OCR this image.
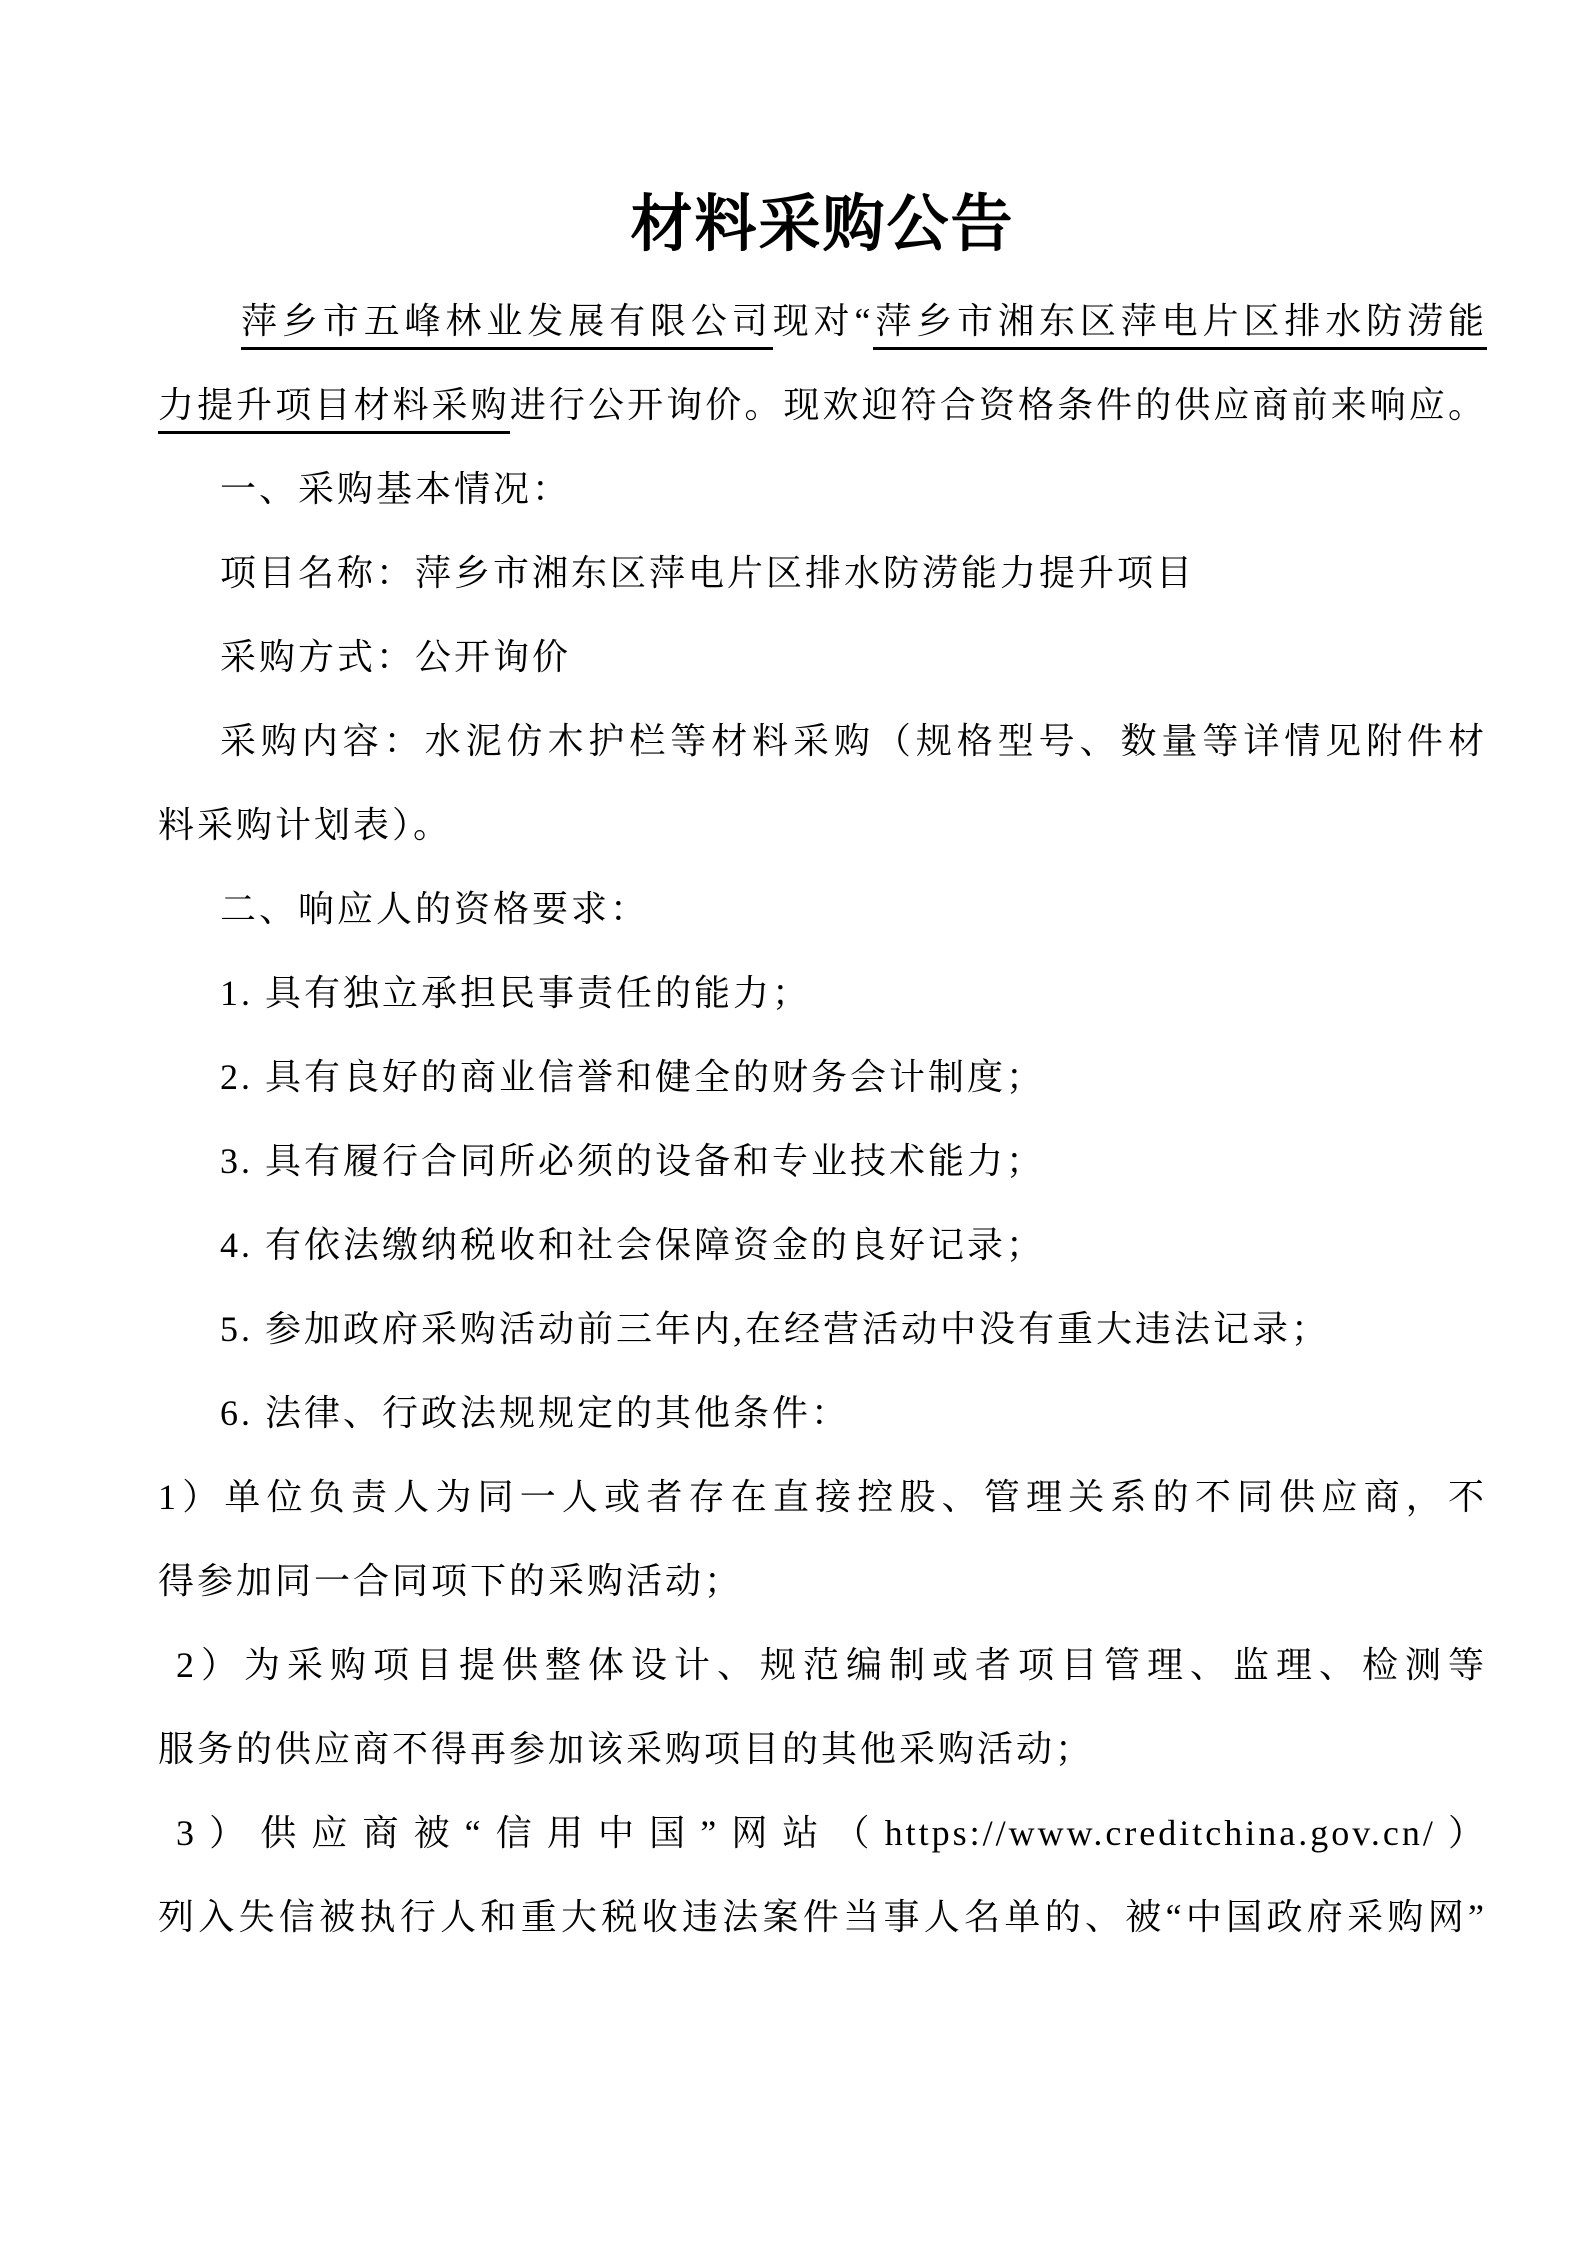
材料采购公告

萍乡市五峰林业发展有限公司现对“萍乡市湘东区萍电片区排水防涝能

力提升项目材料采购进行公开询价。现欢迎符合资格条件的供应商前来响应。

一、采购基本情况：

项目名称：萍乡市湘东区萍电片区排水防涝能力提升项目

采购方式：公开询价

采购内容：水泥仿木护栏等材料采购（规格型号、数量等详情见附件材

料采购计划表）。

二、响应人的资格要求：

1. 具有独立承担民事责任的能力；

2. 具有良好的商业信誉和健全的财务会计制度；

3. 具有履行合同所必须的设备和专业技术能力；

4. 有依法缴纳税收和社会保障资金的良好记录；

5. 参加政府采购活动前三年内,在经营活动中没有重大违法记录；

6. 法律、行政法规规定的其他条件：

1）单位负责人为同一人或者存在直接控股、管理关系的不同供应商，不

得参加同一合同项下的采购活动；

2）为采购项目提供整体设计、规范编制或者项目管理、监理、检测等

服务的供应商不得再参加该采购项目的其他采购活动；

3）供应商被“信用中国”网站（https://www.creditchina.gov.cn/）

列入失信被执行人和重大税收违法案件当事人名单的、被“中国政府采购网”
